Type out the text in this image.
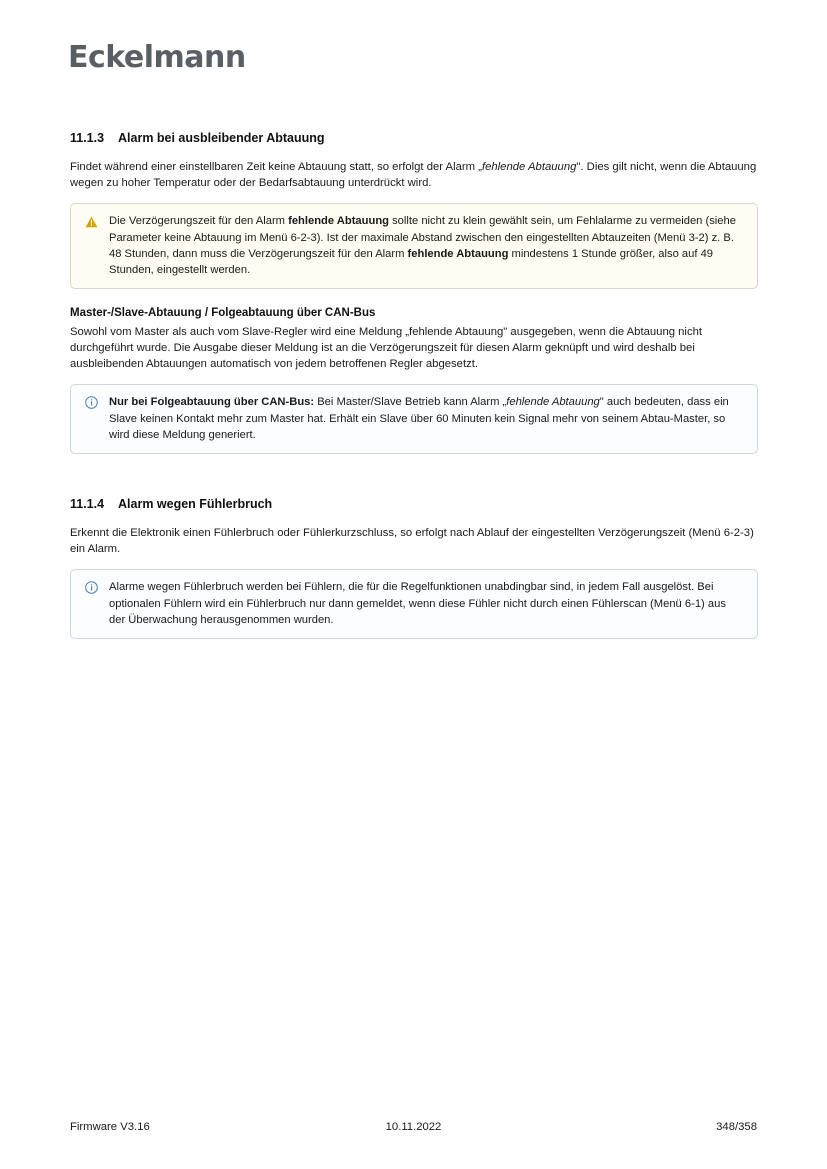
Eckelmann
11.1.3 Alarm bei ausbleibender Abtauung

Findet während einer einstellbaren Zeit keine Abtauung statt, so erfolgt der Alarm „fehlende Abtauung". Dies gilt nicht, wenn die Abtauung wegen zu hoher Temperatur oder der Bedarfsabtauung unterdrückt wird.

Die Verzögerungszeit für den Alarm fehlende Abtauung sollte nicht zu klein gewählt sein, um Fehlalarme zu vermeiden (siehe Parameter keine Abtauung im Menü 6-2-3). Ist der maximale Abstand zwischen den eingestellten Abtauzeiten (Menü 3-2) z. B. 48 Stunden, dann muss die Verzögerungszeit für den Alarm fehlende Abtauung mindestens 1 Stunde größer, also auf 49 Stunden, eingestellt werden.
Master-/Slave-Abtauung / Folgeabtauung über CAN-Bus

Sowohl vom Master als auch vom Slave-Regler wird eine Meldung „fehlende Abtauung" ausgegeben, wenn die Abtauung nicht durchgeführt wurde. Die Ausgabe dieser Meldung ist an die Verzögerungszeit für diesen Alarm geknüpft und wird deshalb bei ausbleibenden Abtauungen automatisch von jedem betroffenen Regler abgesetzt.

Nur bei Folgeabtauung über CAN-Bus: Bei Master/Slave Betrieb kann Alarm „fehlende Abtauung" auch bedeuten, dass ein Slave keinen Kontakt mehr zum Master hat. Erhält ein Slave über 60 Minuten kein Signal mehr von seinem Abtau-Master, so wird diese Meldung generiert.
11.1.4 Alarm wegen Fühlerbruch

Erkennt die Elektronik einen Fühlerbruch oder Fühlerkurzschluss, so erfolgt nach Ablauf der eingestellten Verzögerungszeit (Menü 6-2-3) ein Alarm.

Alarme wegen Fühlerbruch werden bei Fühlern, die für die Regelfunktionen unabdingbar sind, in jedem Fall ausgelöst. Bei optionalen Fühlern wird ein Fühlerbruch nur dann gemeldet, wenn diese Fühler nicht durch einen Fühlerscan (Menü 6-1) aus der Überwachung herausgenommen wurden.
Firmware V3.16	10.11.2022	348/358
